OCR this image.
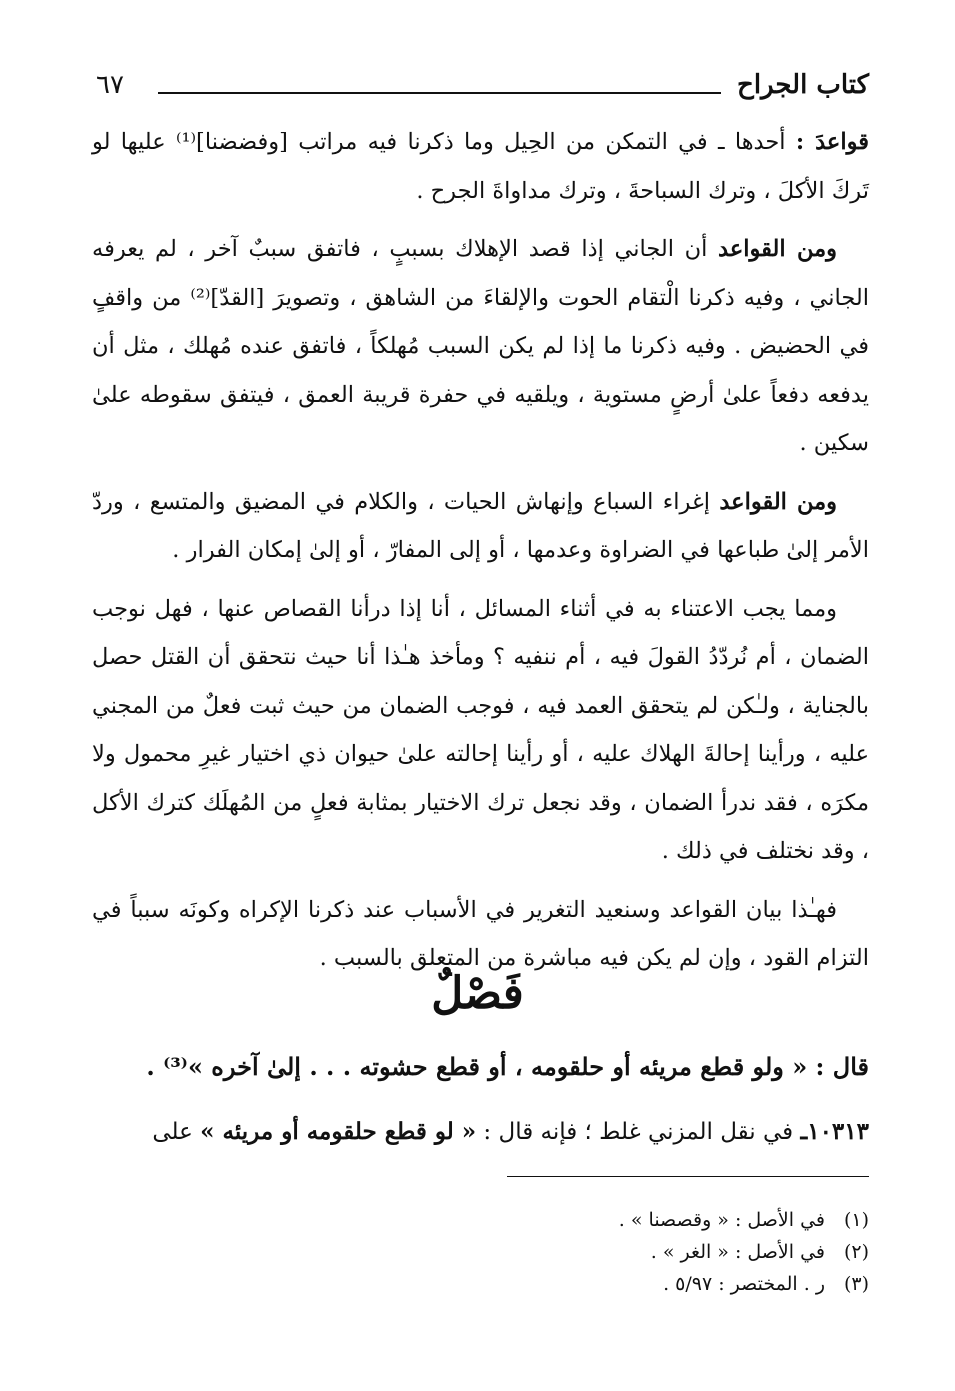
كتاب الجراح
٦٧

قواعدَ : أحدها ـ في التمكن من الحِيل وما ذكرنا فيه مراتب [وفضضنا]⁽¹⁾ عليها لو تَركَ الأكلَ ، وترك السباحةَ ، وترك مداواةَ الجرح .

ومن القواعد أن الجاني إذا قصد الإهلاك بسببٍ ، فاتفق سببٌ آخر ، لم يعرفه الجاني ، وفيه ذكرنا الْتقام الحوت والإلقاءَ من الشاهق ، وتصويرَ [القدّ]⁽²⁾ من واقفٍ في الحضيض . وفيه ذكرنا ما إذا لم يكن السبب مُهلكاً ، فاتفق عنده مُهلك ، مثل أن يدفعه دفعاً علىٰ أرضٍ مستوية ، ويلقيه في حفرة قريبة العمق ، فيتفق سقوطه علىٰ سكين .

ومن القواعد إغراء السباع وإنهاش الحيات ، والكلام في المضيق والمتسع ، وردّ الأمر إلىٰ طباعها في الضراوة وعدمها ، أو إلى المفارّ ، أو إلىٰ إمكان الفرار .

ومما يجب الاعتناء به في أثناء المسائل ، أنا إذا درأنا القصاص عنها ، فهل نوجب الضمان ، أم نُردّدُ القولَ فيه ، أم ننفيه ؟ ومأخذ هـٰذا أنا حيث نتحقق أن القتل حصل بالجناية ، ولـٰكن لم يتحقق العمد فيه ، فوجب الضمان من حيث ثبت فعلٌ من المجني عليه ، ورأينا إحالةَ الهلاك عليه ، أو رأينا إحالته علىٰ حيوان ذي اختيار غيرِ محمول ولا مكرَه ، فقد ندرأ الضمان ، وقد نجعل ترك الاختيار بمثابة فعلٍ من المُهلَك كترك الأكل ، وقد نختلف في ذلك .

فهـٰذا بيان القواعد وسنعيد التغرير في الأسباب عند ذكرنا الإكراه وكونَه سبباً في التزام القود ، وإن لم يكن فيه مباشرة من المتعلق بالسبب .

فَصْلٌ
قال : « ولو قطع مريئه أو حلقومه ، أو قطع حشوته . . . إلىٰ آخره »⁽³⁾ .
١٠٣١٣ـ في نقل المزني غلط ؛ فإنه قال : « لو قطع حلقومه أو مريئه » على
(١)في الأصل : « وقصصنا » .
(٢)في الأصل : « الغر » .
(٣)ر . المختصر : ٥/٩٧ .
